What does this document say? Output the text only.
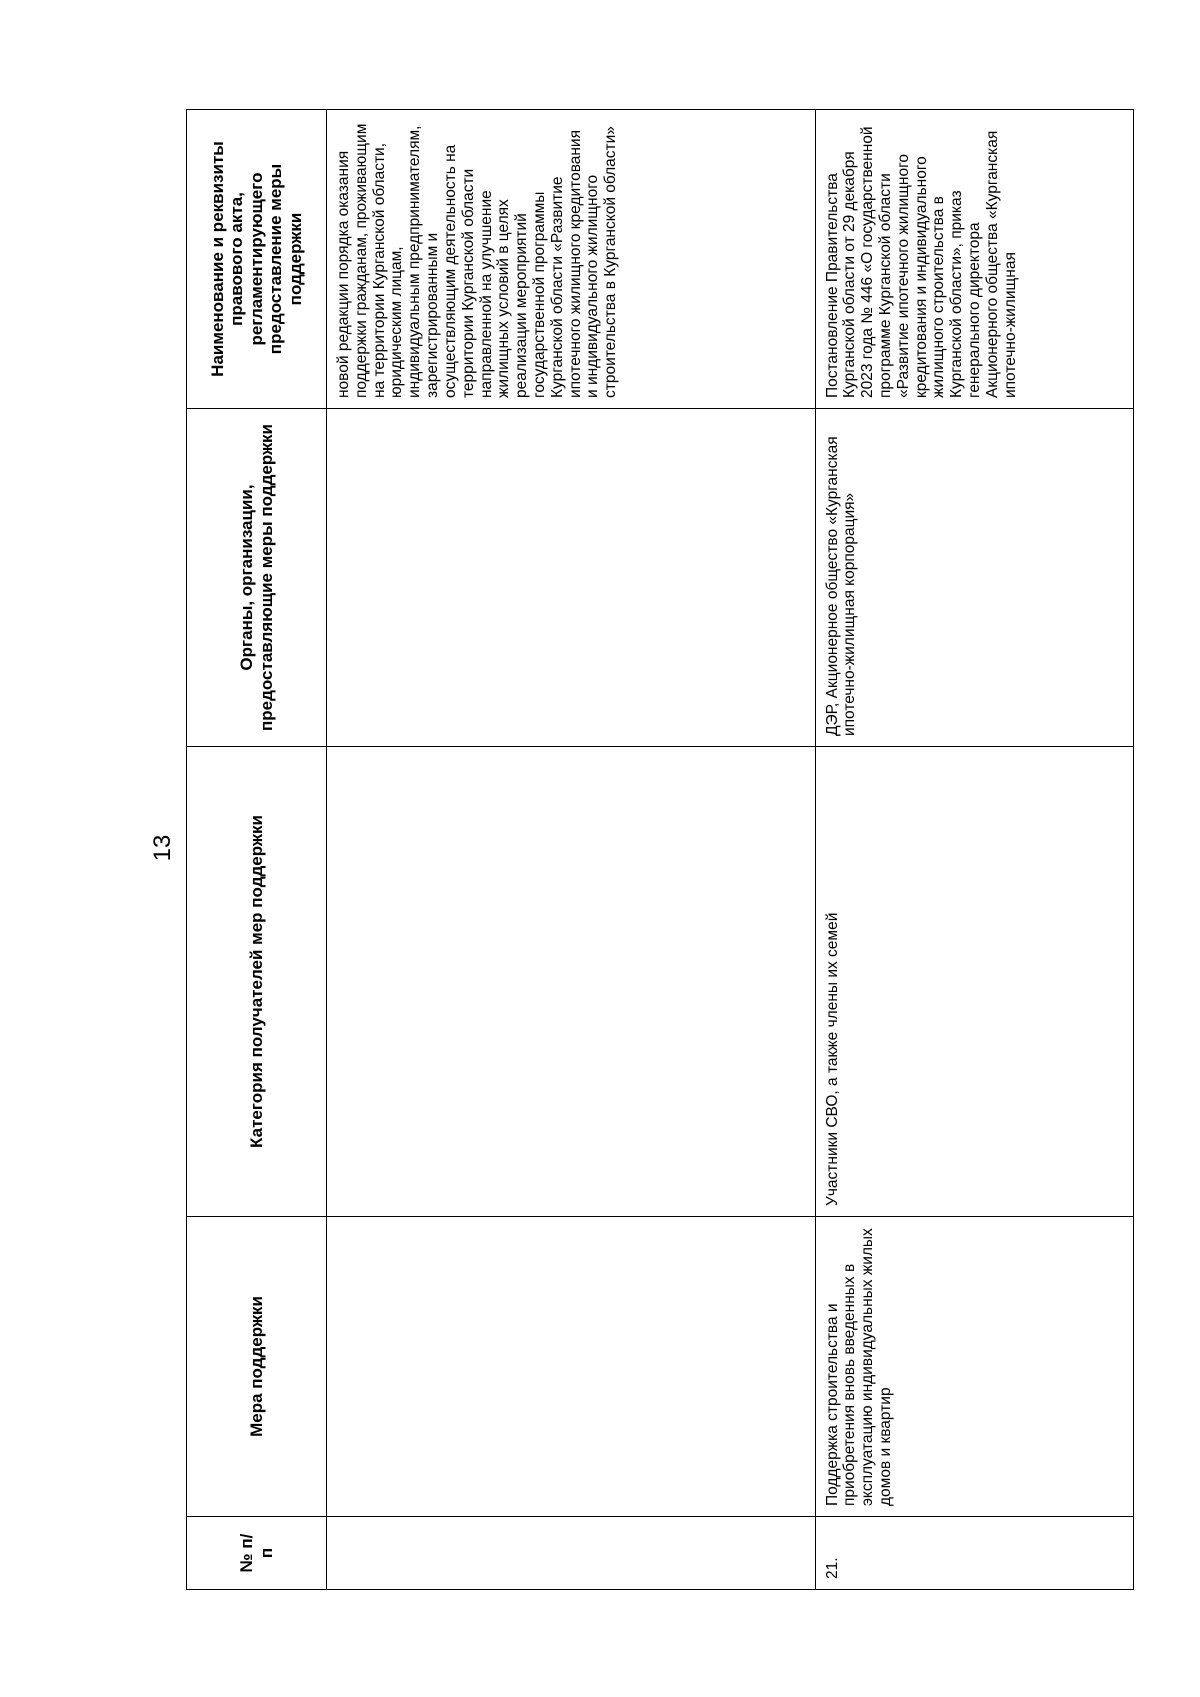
13
№ п/п	Мера поддержки	Категория получателей мер поддержки	Органы, организации, предоставляющие меры поддержки	Наименование и реквизиты правового акта, регламентирующего предоставление меры поддержки
				новой редакции порядка оказания поддержки гражданам, проживающим на территории Курганской области, юридическим лицам, индивидуальным предпринимателям, зарегистрированным и осуществляющим деятельность на территории Курганской области направленной на улучшение жилищных условий в целях реализации мероприятий государственной программы Курганской области «Развитие ипотечного жилищного кредитования и индивидуального жилищного строительства в Курганской области»
21.	Поддержка строительства и приобретения вновь введенных в эксплуатацию индивидуальных жилых домов и квартир	Участники СВО, а также члены их семей	ДЭР, Акционерное общество «Курганская ипотечно-жилищная корпорация»	Постановление Правительства Курганской области от 29 декабря 2023 года № 446 «О государственной программе Курганской области «Развитие ипотечного жилищного кредитования и индивидуального жилищного строительства в Курганской области», приказ генерального директора Акционерного общества «Курганская ипотечно-жилищная
